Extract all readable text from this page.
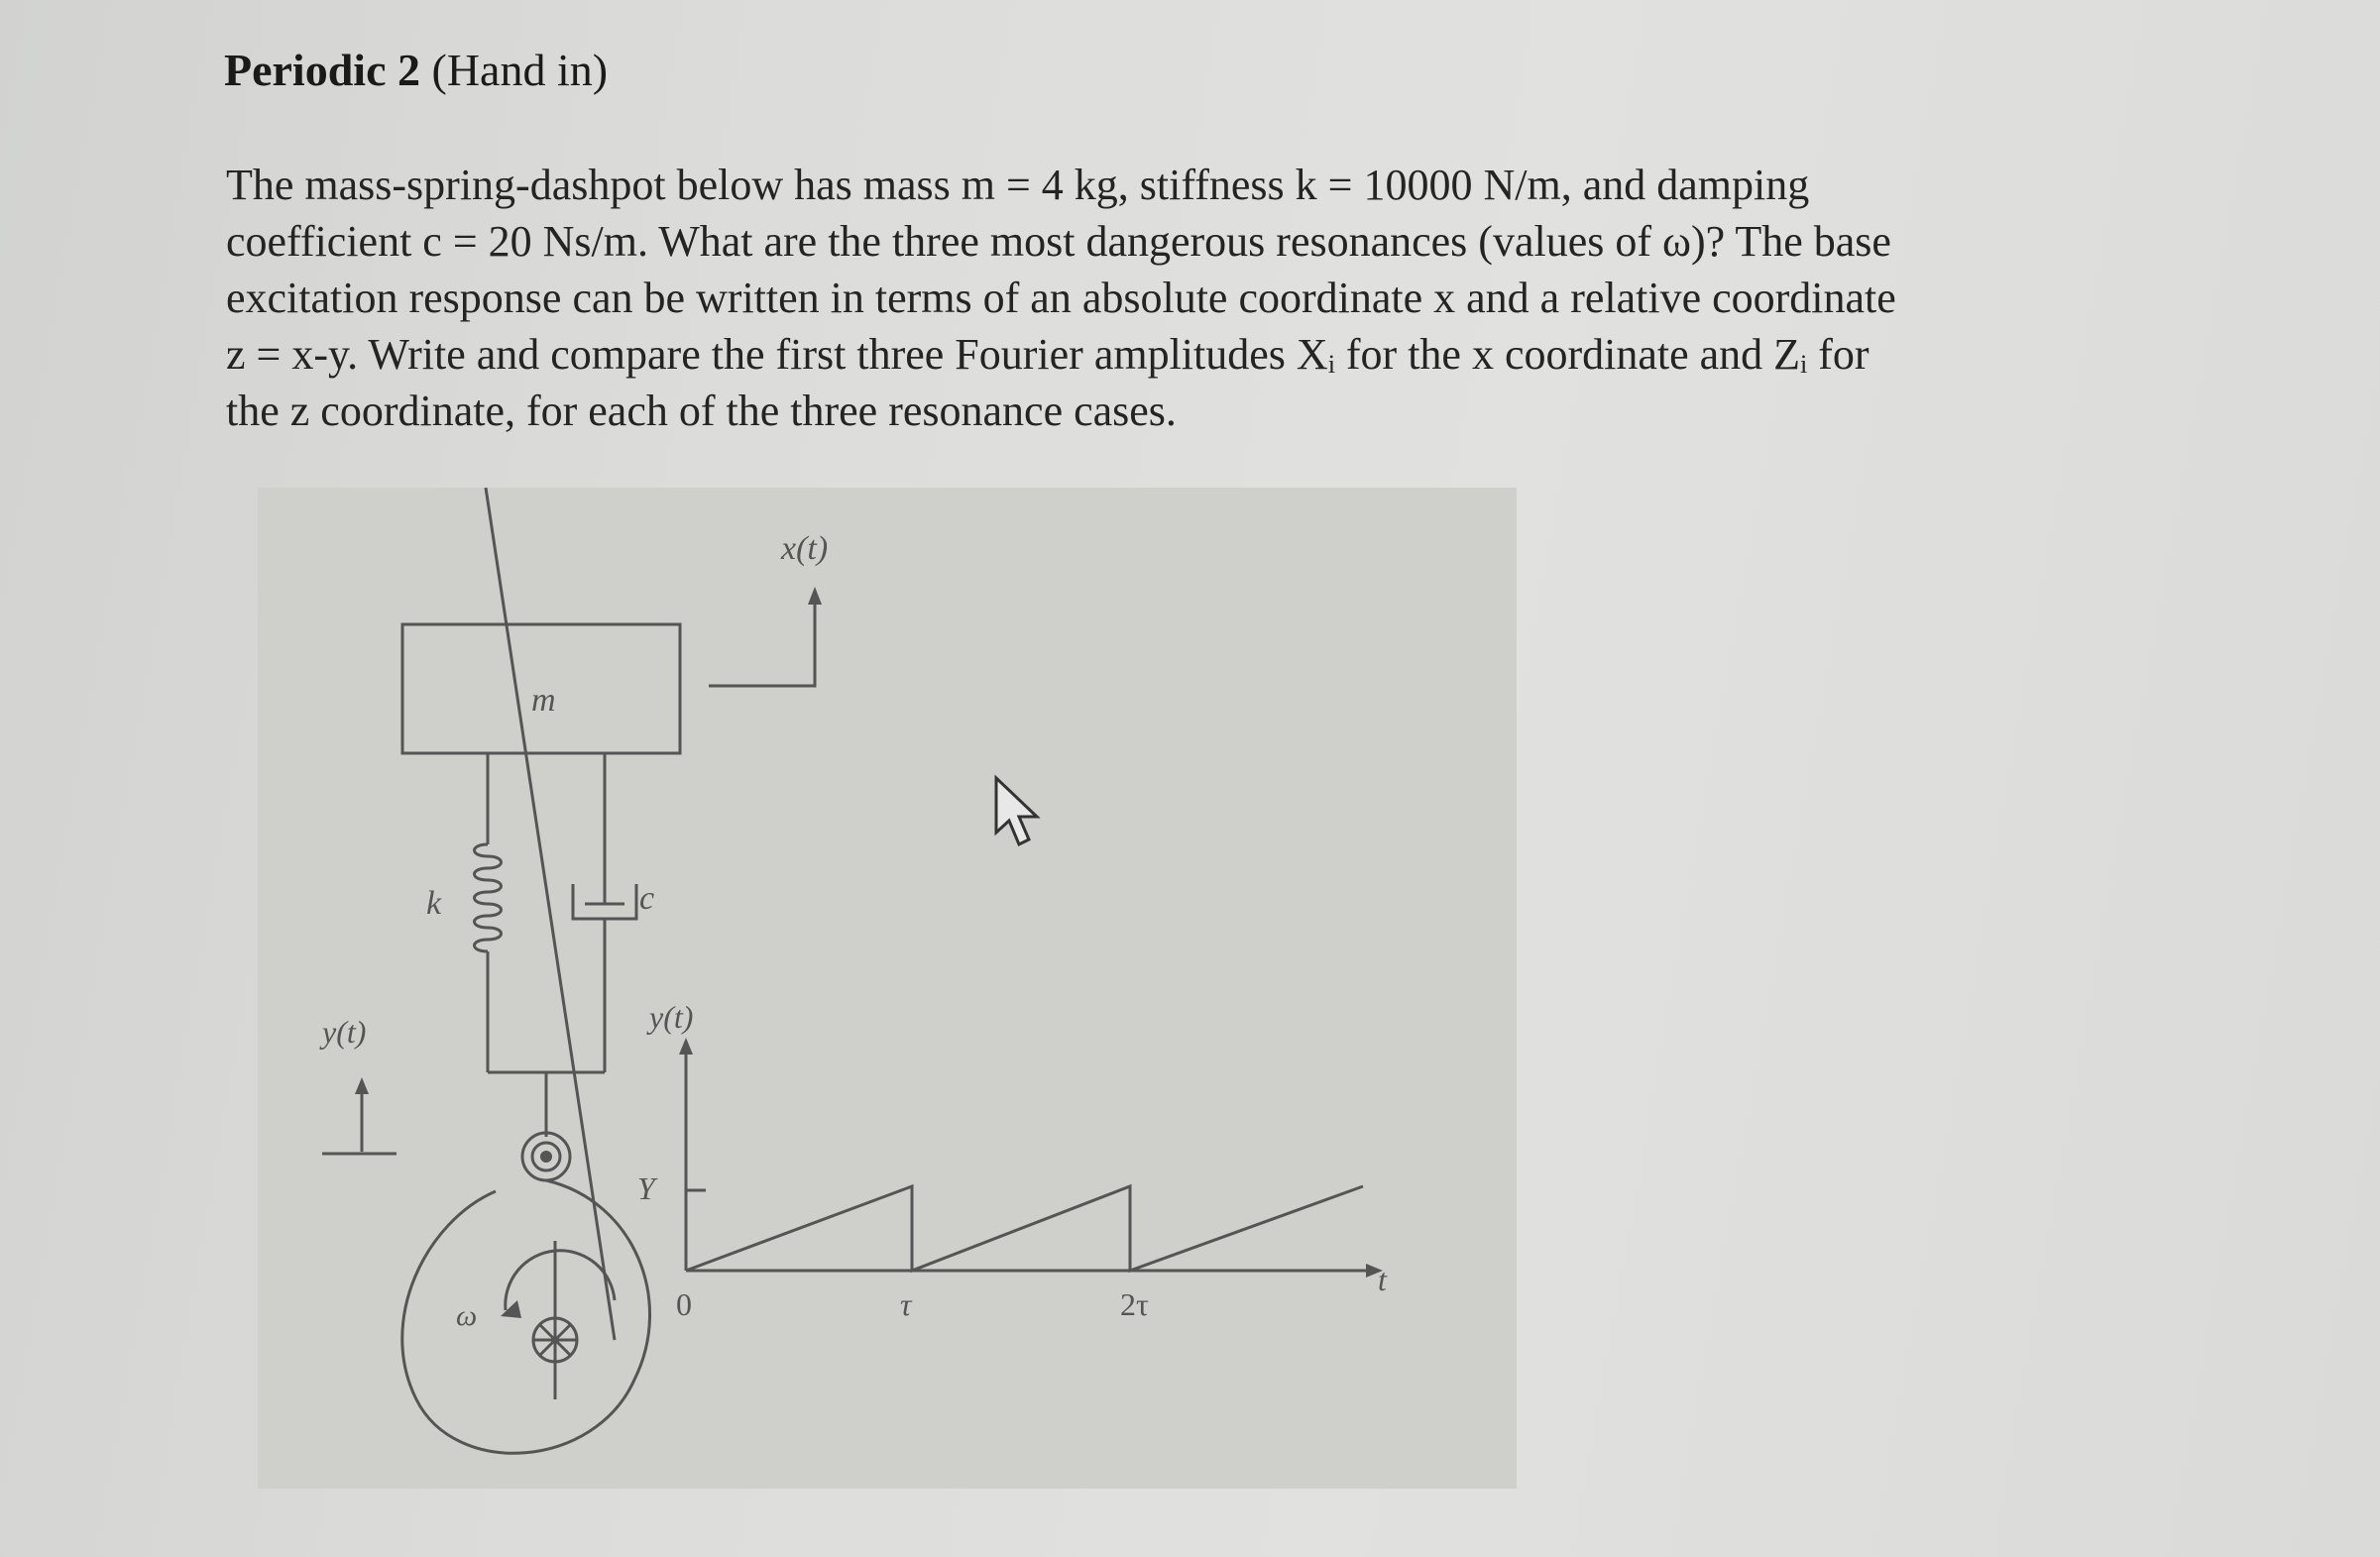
Periodic 2 (Hand in)
The mass-spring-dashpot below has mass m = 4 kg, stiffness k = 10000 N/m, and damping
coefficient c = 20 Ns/m. What are the three most dangerous resonances (values of ω)? The base
excitation response can be written in terms of an absolute coordinate x and a relative coordinate
z = x-y. Write and compare the first three Fourier amplitudes Xᵢ for the x coordinate and Zᵢ for
the z coordinate, for each of the three resonance cases.
m
x(t)
k	c
ω
y(t)	y(t)
Y
0	τ	2τ
t
